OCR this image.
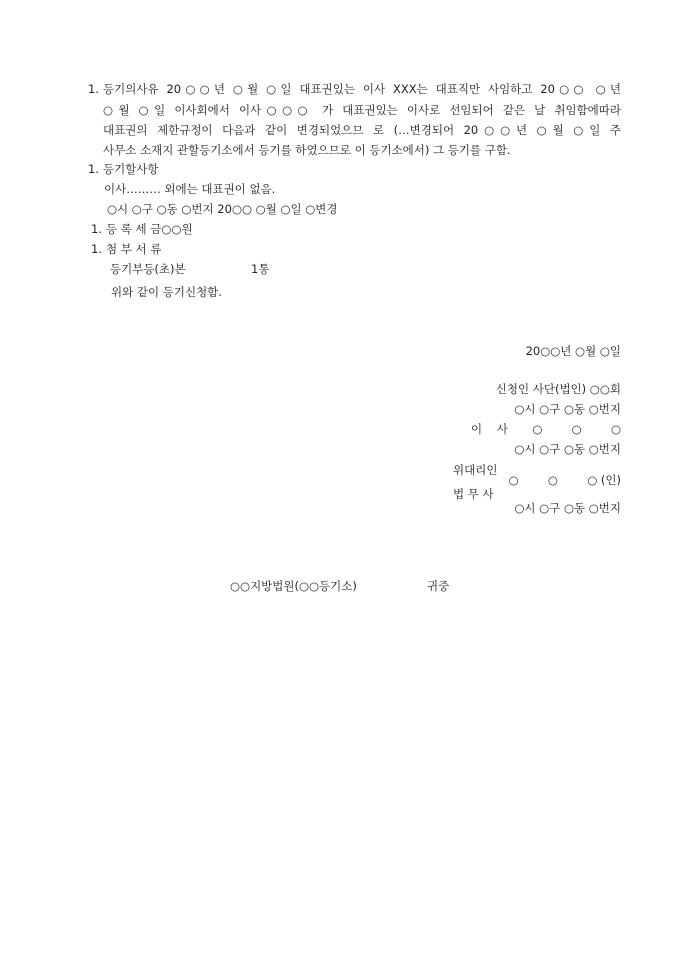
1. 등기의사유 20○○년 ○월 ○일 대표권있는 이사 XXX는 대표직만 사임하고 20○○ ○년
○월 ○일 이사회에서 이사○○○ 가 대표권있는 이사로 선임되어 같은 날 취임함에따라
대표권의 제한규정이 다음과 같이 변경되었으므 로 (…변경되어 20○○년 ○월 ○일 주
사무소 소재지 관할등기소에서 등기를 하였으므로 이 등기소에서) 그 등기를 구함.
1. 등기할사항
이사……… 외에는 대표권이 없음.
○시 ○구 ○동 ○번지 20○○ ○월 ○일 ○변경
1. 등 록 세 금○○원
1. 첨 부 서 류
등기부등(초)본	1통
위와 같이 등기신청함.
20○○년 ○월 ○일
신청인 사단(법인) ○○회
○시 ○구 ○동 ○번지
이    사 ○        ○        ○
○시 ○구 ○동 ○번지
위대리인
○        ○        ○ (인)
법 무 사
○시 ○구 ○동 ○번지
○○지방법원(○○등기소)	귀중
